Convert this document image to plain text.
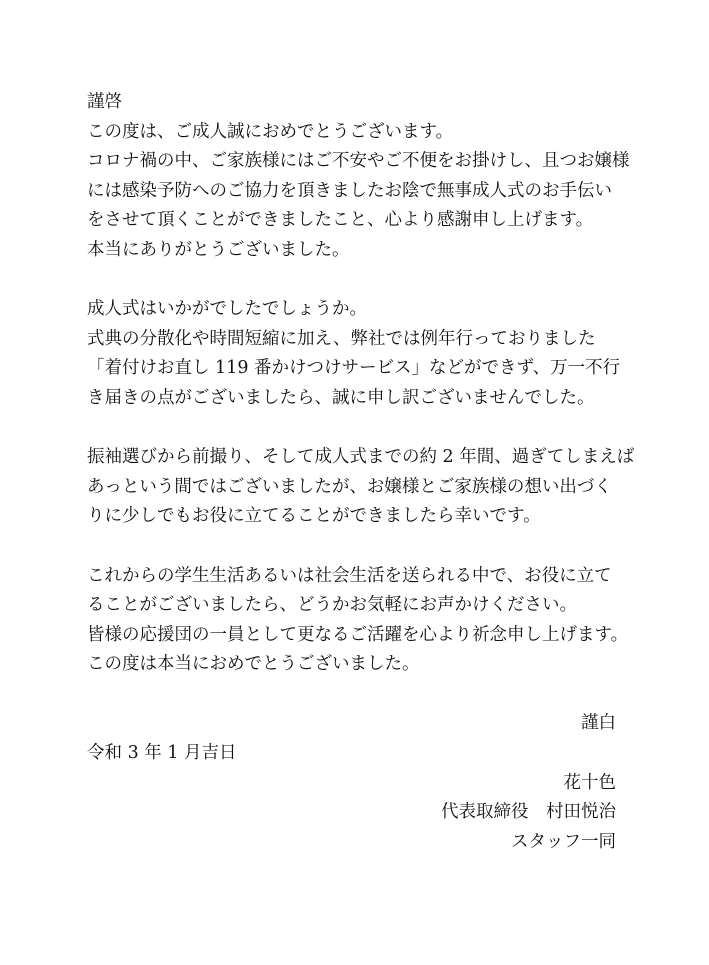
謹啓
この度は、ご成人誠におめでとうございます。
コロナ禍の中、ご家族様にはご不安やご不便をお掛けし、且つお嬢様
には感染予防へのご協力を頂きましたお陰で無事成人式のお手伝い
をさせて頂くことができましたこと、心より感謝申し上げます。
本当にありがとうございました。
成人式はいかがでしたでしょうか。
式典の分散化や時間短縮に加え、弊社では例年行っておりました
「着付けお直し 119 番かけつけサービス」などができず、万一不行
き届きの点がございましたら、誠に申し訳ございませんでした。
振袖選びから前撮り、そして成人式までの約 2 年間、過ぎてしまえば
あっという間ではございましたが、お嬢様とご家族様の想い出づく
りに少しでもお役に立てることができましたら幸いです。
これからの学生生活あるいは社会生活を送られる中で、お役に立て
ることがございましたら、どうかお気軽にお声かけください。
皆様の応援団の一員として更なるご活躍を心より祈念申し上げます。
この度は本当におめでとうございました。
謹白
令和 3 年 1 月吉日
花十色
代表取締役　村田悦治
スタッフ一同
